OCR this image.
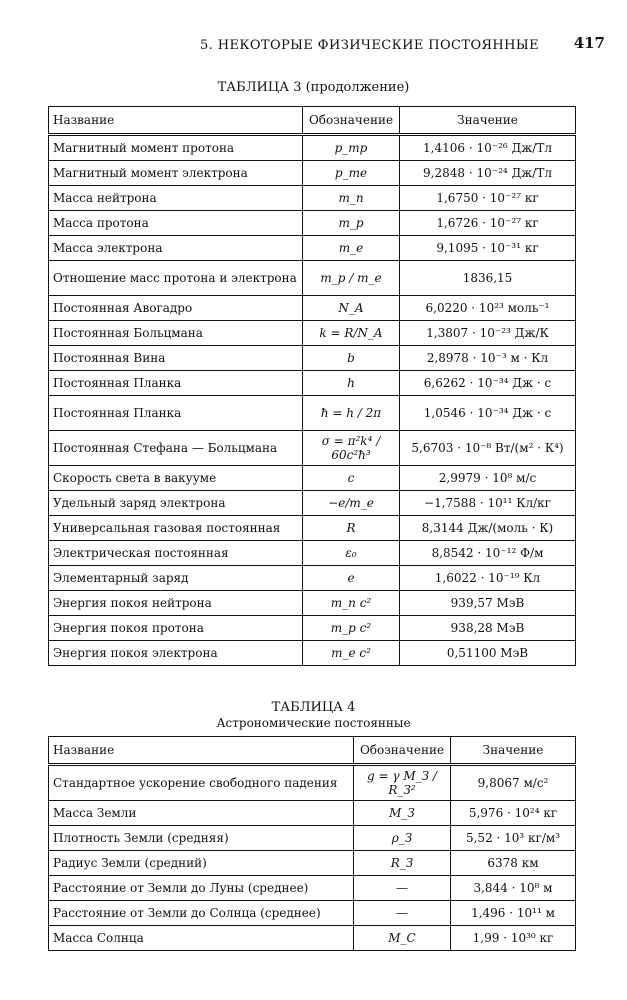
5. НЕКОТОРЫЕ ФИЗИЧЕСКИЕ ПОСТОЯННЫЕ 417
ТАБЛИЦА 3 (продолжение)
Название	Обозначение	Значение
Магнитный момент протона	p_mp	1,4106 · 10⁻²⁶ Дж/Тл
Магнитный момент электрона	p_me	9,2848 · 10⁻²⁴ Дж/Тл
Масса нейтрона	m_n	1,6750 · 10⁻²⁷ кг
Масса протона	m_p	1,6726 · 10⁻²⁷ кг
Масса электрона	m_e	9,1095 · 10⁻³¹ кг
Отношение масс протона и электрона	m_p / m_e	1836,15
Постоянная Авогадро	N_A	6,0220 · 10²³ моль⁻¹
Постоянная Больцмана	k = R/N_A	1,3807 · 10⁻²³ Дж/К
Постоянная Вина	b	2,8978 · 10⁻³ м · Кл
Постоянная Планка	h	6,6262 · 10⁻³⁴ Дж · с
Постоянная Планка	ħ = h / 2π	1,0546 · 10⁻³⁴ Дж · с
Постоянная Стефана — Больцмана	σ = π²k⁴ / 60c²ħ³	5,6703 · 10⁻⁸ Вт/(м² · К⁴)
Скорость света в вакууме	c	2,9979 · 10⁸ м/с
Удельный заряд электрона	−e/m_e	−1,7588 · 10¹¹ Кл/кг
Универсальная газовая постоянная	R	8,3144 Дж/(моль · К)
Электрическая постоянная	ε₀	8,8542 · 10⁻¹² Ф/м
Элементарный заряд	e	1,6022 · 10⁻¹⁹ Кл
Энергия покоя нейтрона	m_n c²	939,57 МэВ
Энергия покоя протона	m_p c²	938,28 МэВ
Энергия покоя электрона	m_e c²	0,51100 МэВ
ТАБЛИЦА 4
Астрономические постоянные
Название	Обозначение	Значение
Стандартное ускорение свободного падения	g = γ M_З / R_З²	9,8067 м/с²
Масса Земли	M_З	5,976 · 10²⁴ кг
Плотность Земли (средняя)	ρ_З	5,52 · 10³ кг/м³
Радиус Земли (средний)	R_З	6378 км
Расстояние от Земли до Луны (среднее)	—	3,844 · 10⁸ м
Расстояние от Земли до Солнца (среднее)	—	1,496 · 10¹¹ м
Масса Солнца	M_С	1,99 · 10³⁰ кг
